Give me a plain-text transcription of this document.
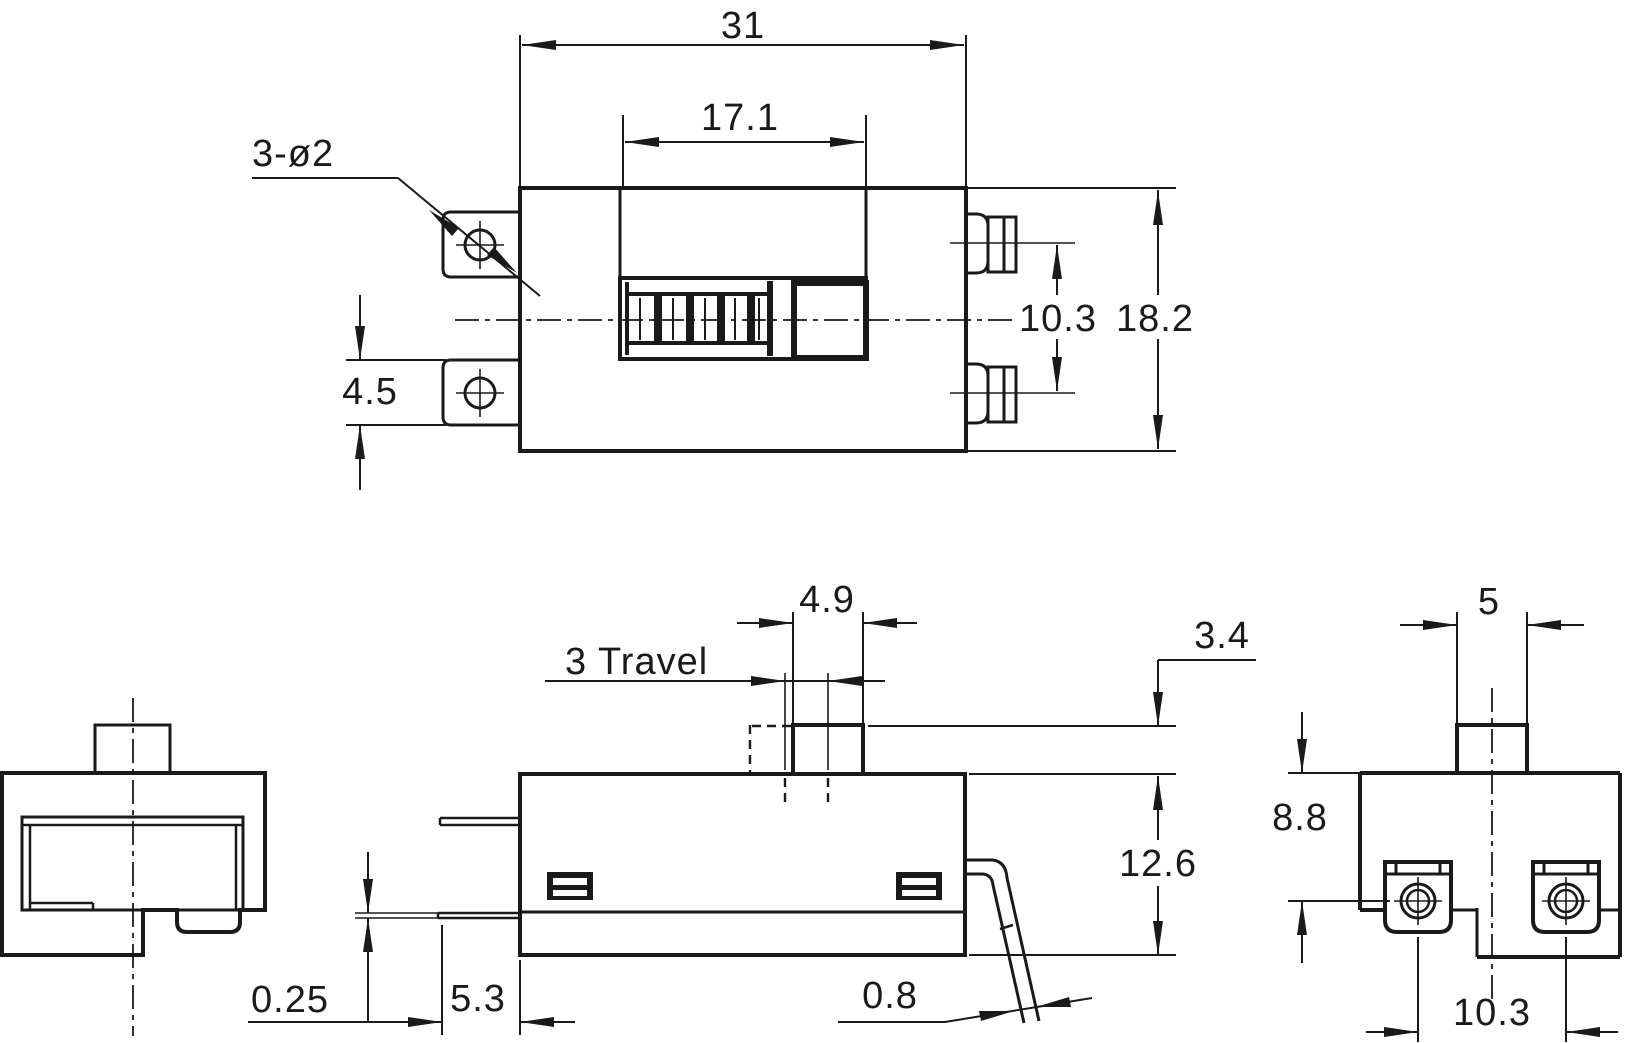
31
17.1
3-ø2
4.5
10.3 18.2
4.9
3 Travel
3.4
12.6
0.8
0.25	5.3
5
8.8
10.3
